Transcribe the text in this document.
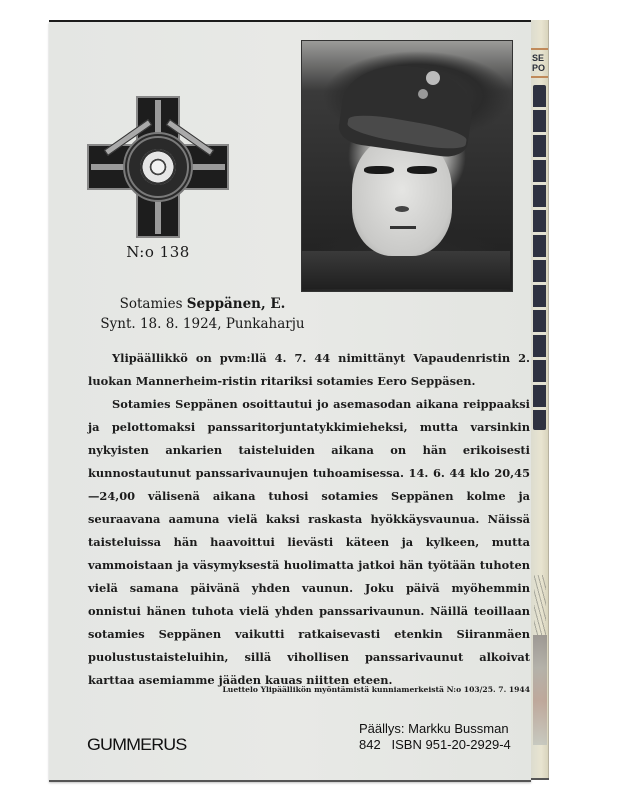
SE
PO
N:o 138
Sotamies Seppänen, E.
Synt. 18. 8. 1924, Punkaharju

Ylipäällikkö on pvm:llä 4. 7. 44 nimittänyt Vapaudenristin 2. luokan Mannerheim-ristin ritariksi sotamies Eero Seppäsen.

Sotamies Seppänen osoittautui jo asemasodan aikana reippaaksi ja pelottomaksi panssaritorjuntatykkimieheksi, mutta varsinkin nykyisten ankarien taisteluiden aikana on hän erikoisesti kunnostautunut panssarivaunujen tuhoamisessa. 14. 6. 44 klo 20,45—24,00 välisenä aikana tuhosi sotamies Seppänen kolme ja seuraavana aamuna vielä kaksi raskasta hyökkäysvaunua. Näissä taisteluissa hän haavoittui lievästi käteen ja kylkeen, mutta vammoistaan ja väsymyksestä huolimatta jatkoi hän työtään tuhoten vielä samana päivänä yhden vaunun. Joku päivä myöhemmin onnistui hänen tuhota vielä yhden panssarivaunun. Näillä teoillaan sotamies Seppänen vaikutti ratkaisevasti etenkin Siiranmäen puolustustaisteluihin, sillä vihollisen panssarivaunut alkoivat karttaa asemiamme jääden kauas niitten eteen.

Luettelo Ylipäällikön myöntämistä kunniamerkeistä N:o 103/25. 7. 1944
GUMMERUS
Päällys: Markku Bussman
842   ISBN 951-20-2929-4
